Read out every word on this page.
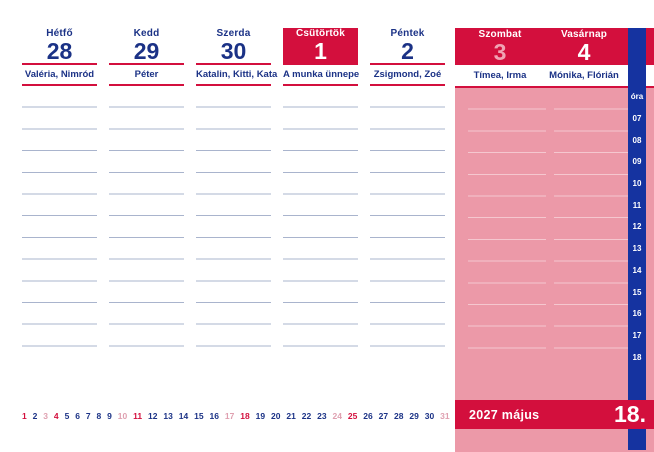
Hétfő
28
Valéria, Nimród
Kedd
29
Péter
Szerda
30
Katalin, Kitti, Kata
Csütörtök
1
A munka ünnepe
Péntek
2
Zsigmond, Zoé
Szombat
3
Vasárnap
4
Tímea, Irma	Mónika, Flórián
2027 május	18.
óra
07
08
09
10
11
12
13
14
15
16
17
18
1 2 3 4 5 6 7 8 9 10 11 12 13 14 15 16 17 18 19 20 21 22 23 24 25 26 27 28 29 30 31
